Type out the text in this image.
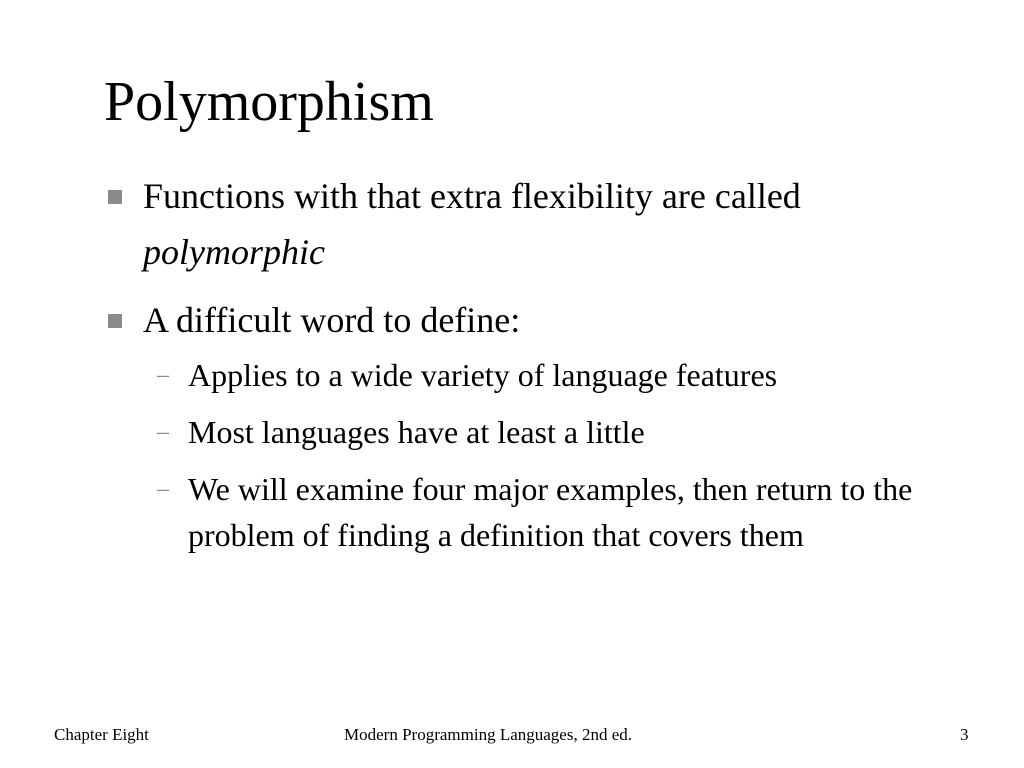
Polymorphism
Functions with that extra flexibility are called polymorphic
A difficult word to define:
– Applies to a wide variety of language features
– Most languages have at least a little
– We will examine four major examples, then return to the problem of finding a definition that covers them
Chapter Eight	Modern Programming Languages, 2nd ed.	3
